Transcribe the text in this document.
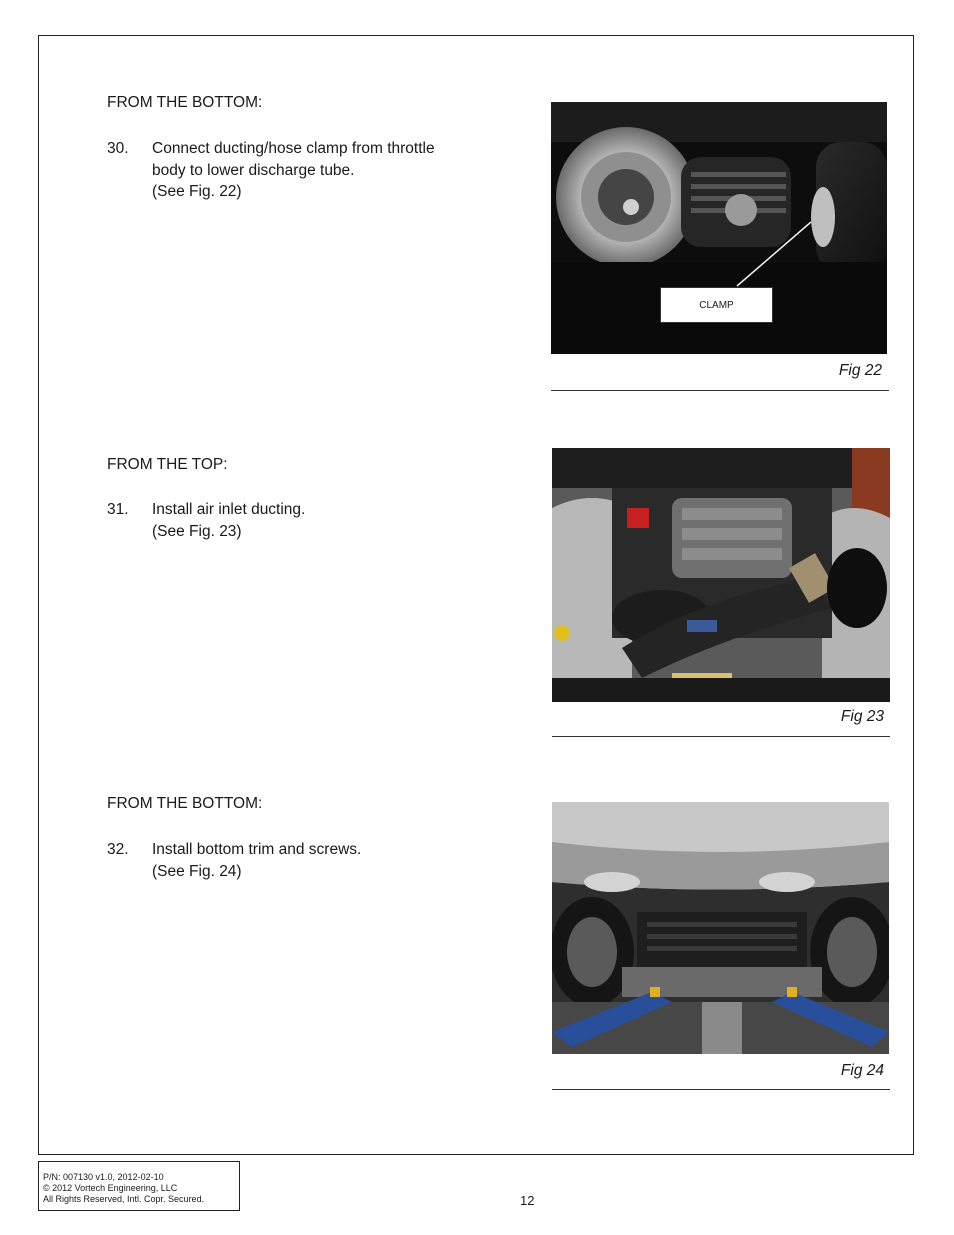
FROM THE BOTTOM:
30. Connect ducting/hose clamp from throttle
body to lower discharge tube.
(See Fig. 22)
CLAMP
Fig 22
FROM THE TOP:
31. Install air inlet ducting.
(See Fig. 23)
Fig 23
FROM THE BOTTOM:
32. Install bottom trim and screws.
(See Fig. 24)
Fig 24
P/N: 007130 v1.0, 2012-02-10
© 2012 Vortech Engineering, LLC
All Rights Reserved, Intl. Copr. Secured.	12
